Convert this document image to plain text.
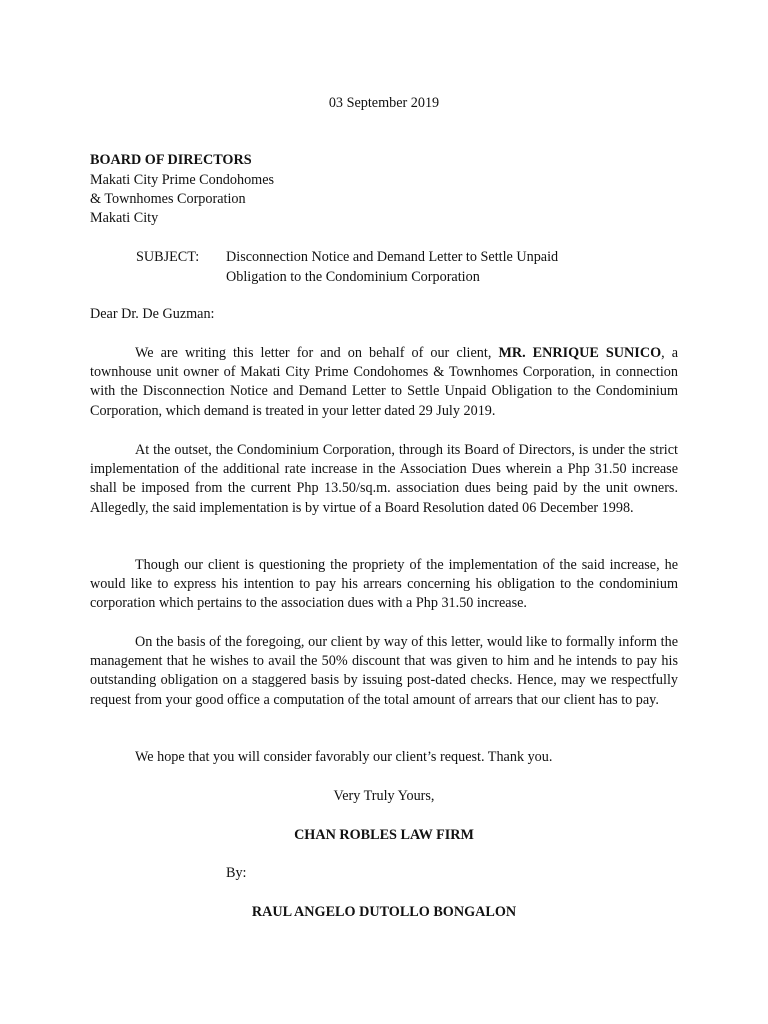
03 September 2019
BOARD OF DIRECTORS
Makati City Prime Condohomes
& Townhomes Corporation
Makati City
SUBJECT: Disconnection Notice and Demand Letter to Settle Unpaid
Obligation to the Condominium Corporation
Dear Dr. De Guzman:
We are writing this letter for and on behalf of our client, MR. ENRIQUE SUNICO, a townhouse unit owner of Makati City Prime Condohomes & Townhomes Corporation, in connection with the Disconnection Notice and Demand Letter to Settle Unpaid Obligation to the Condominium Corporation, which demand is treated in your letter dated 29 July 2019.
At the outset, the Condominium Corporation, through its Board of Directors, is under the strict implementation of the additional rate increase in the Association Dues wherein a Php 31.50 increase shall be imposed from the current Php 13.50/sq.m. association dues being paid by the unit owners. Allegedly, the said implementation is by virtue of a Board Resolution dated 06 December 1998.
Though our client is questioning the propriety of the implementation of the said increase, he would like to express his intention to pay his arrears concerning his obligation to the condominium corporation which pertains to the association dues with a Php 31.50 increase.
On the basis of the foregoing, our client by way of this letter, would like to formally inform the management that he wishes to avail the 50% discount that was given to him and he intends to pay his outstanding obligation on a staggered basis by issuing post-dated checks. Hence, may we respectfully request from your good office a computation of the total amount of arrears that our client has to pay.
We hope that you will consider favorably our client’s request. Thank you.
Very Truly Yours,
CHAN ROBLES LAW FIRM
By:
RAUL ANGELO DUTOLLO BONGALON
